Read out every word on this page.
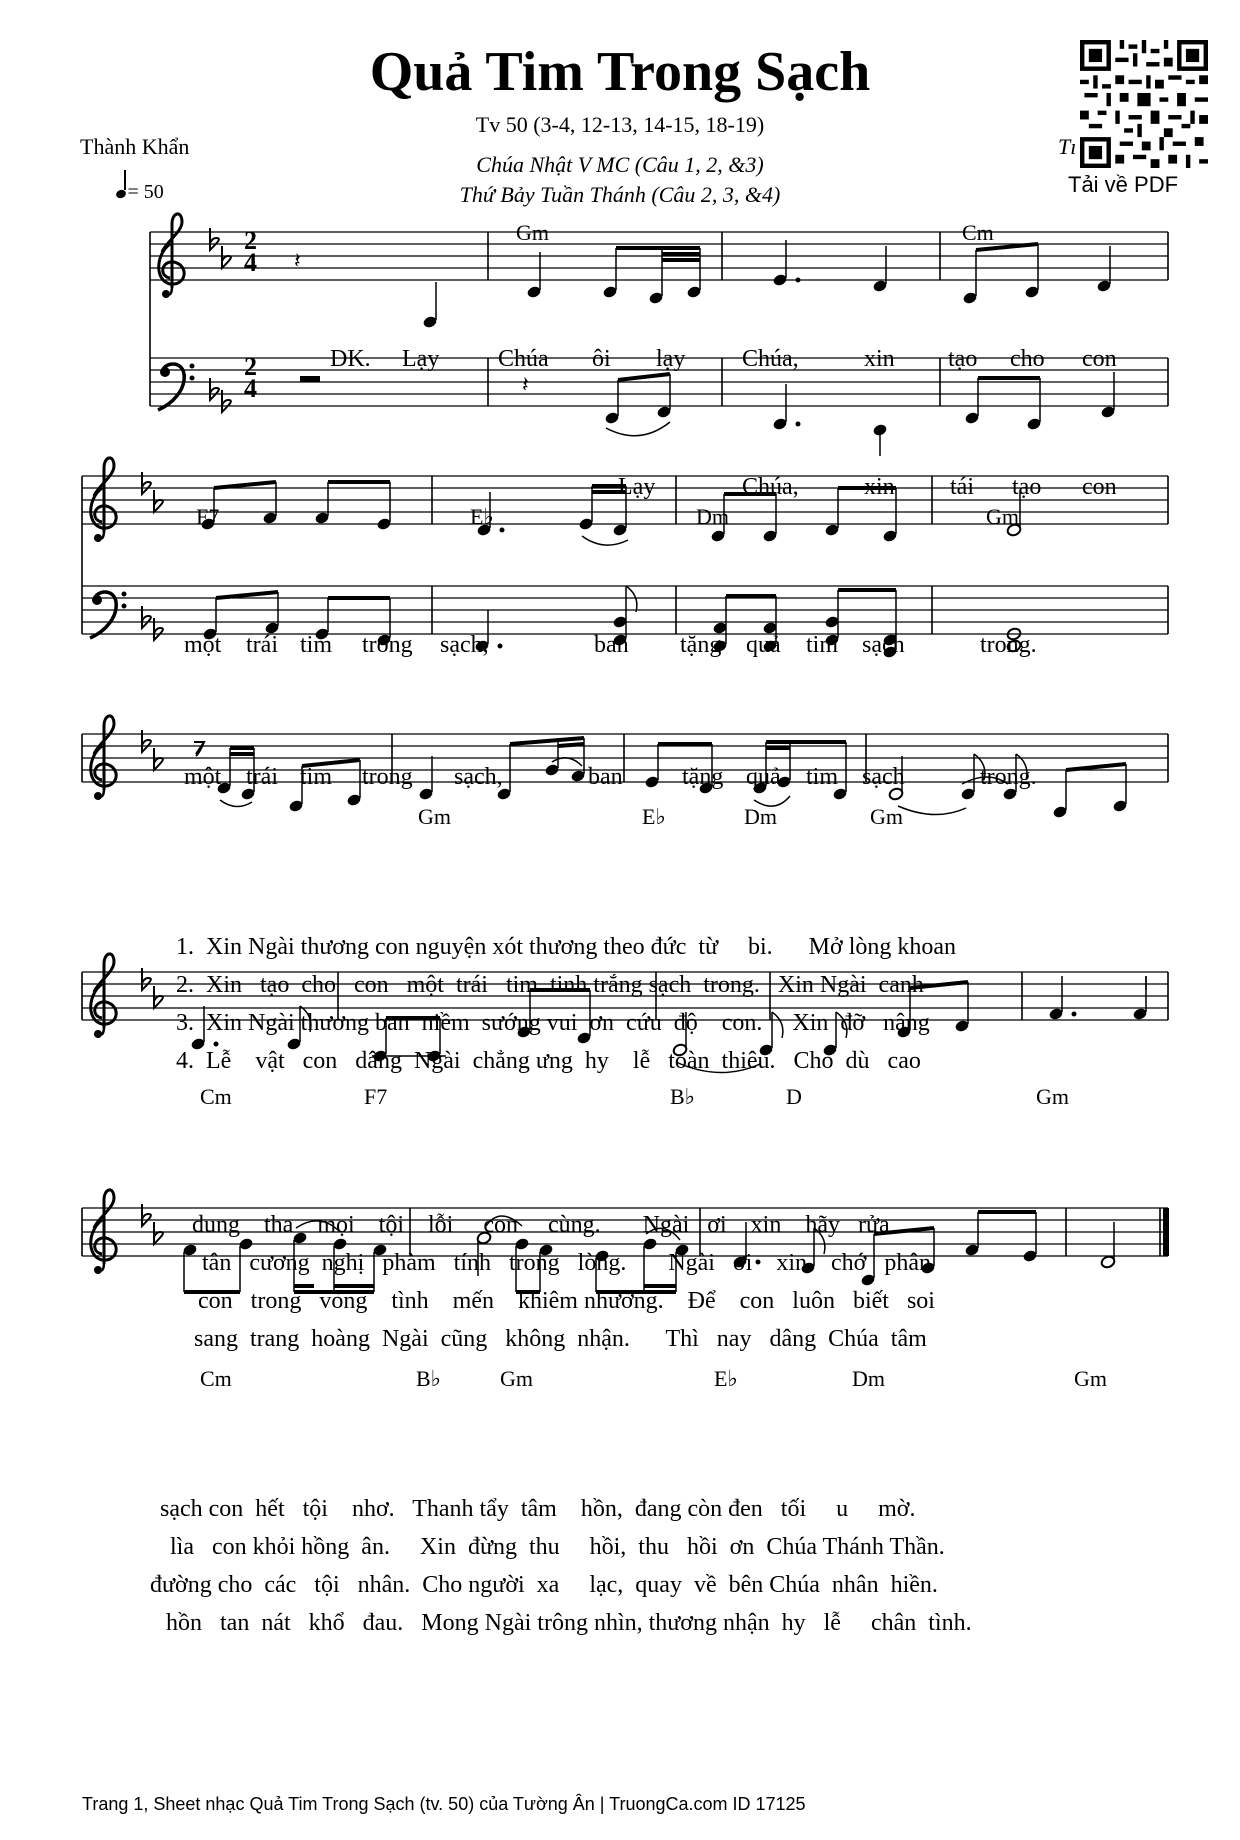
Quả Tim Trong Sạch
Tv 50 (3-4, 12-13, 14-15, 18-19)
Chúa Nhật V MC (Câu 1, 2, &3)
Thứ Bảy Tuần Thánh (Câu 2, 3, &4)
Thành Khẩn	Tı
= 50	Tải về PDF
2
4
𝄽
𝄽
Gm	Cm
F7	E♭	Dm	Gm
Gm	E♭	Dm	Gm
Cm	F7	B♭	D	Gm
Cm	B♭	Gm	E♭	Dm	Gm
ĐK. Lạy Chúa ôi lạy Chúa,	xin tạo cho con
Lạy	Chúa,	xin tái tạo con
một trái tim trong sạch,	ban tặng quả tim sạch	trong.
một trái tim trong sạch,	ban tặng quả tim sạch	trong.
1.  Xin Ngài thương con nguyện xót thương theo đức  từ     bi.      Mở lòng khoan
2.  Xin   tạo  cho   con   một  trái   tim  tinh trắng sạch  trong.   Xin Ngài  canh
3.  Xin Ngài thương ban  niềm  sướng vui  ơn  cứu  độ    con.     Xin  đỡ   nâng
4.  Lễ    vật   con   dâng  Ngài  chẳng ưng  hy    lễ   toàn  thiêu.   Cho  dù   cao
dung    tha    mọi    tội    lỗi     con     cùng.       Ngài   ơi    xin    hãy   rửa
tân   cương  nghị   phàm   tính   trong   lòng.       Ngài   ơi    xin    chớ   phân
con   trong   vòng    tình    mến    khiêm nhường.    Để    con   luôn   biết   soi
sang  trang  hoàng  Ngài  cũng   không  nhận.      Thì   nay   dâng  Chúa  tâm
sạch con  hết   tội    nhơ.   Thanh tẩy  tâm    hồn,  đang còn đen   tối     u     mờ.
lìa   con khỏi hồng  ân.     Xin  đừng  thu     hồi,  thu   hồi  ơn  Chúa Thánh Thần.
đường cho  các   tội   nhân.  Cho người  xa     lạc,  quay  về  bên Chúa  nhân  hiền.
hồn   tan  nát   khổ   đau.   Mong Ngài trông nhìn, thương nhận  hy   lễ     chân  tình.
Trang 1, Sheet nhạc Quả Tim Trong Sạch (tv. 50) của Tường Ân | TruongCa.com ID 17125
